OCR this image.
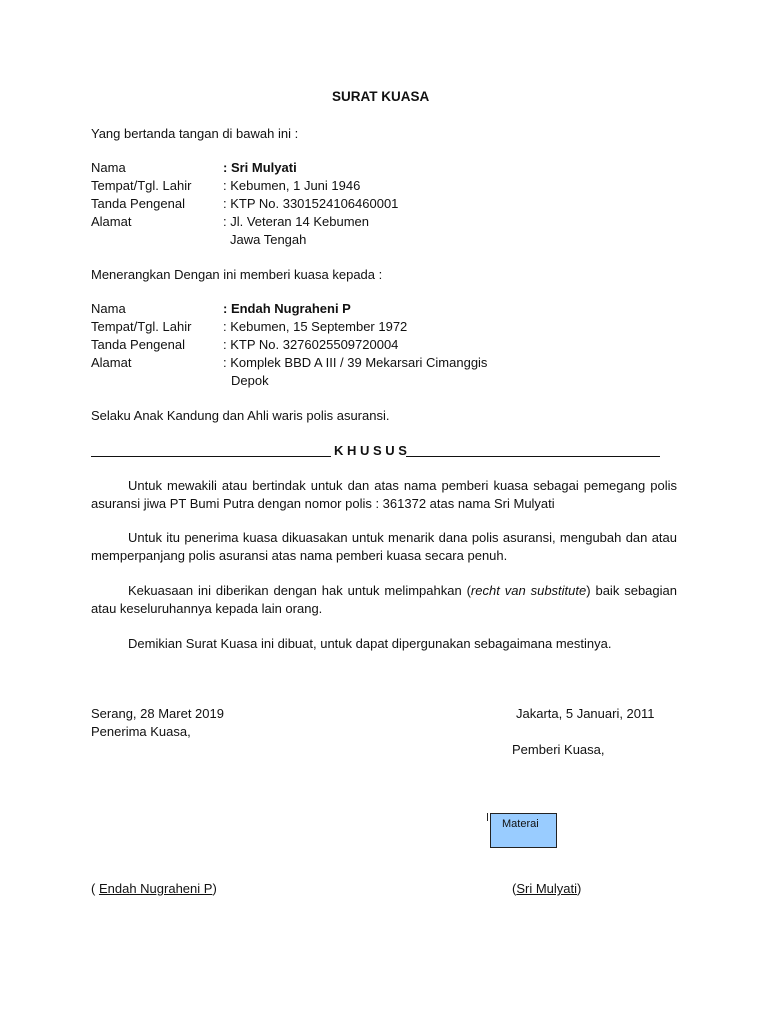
SURAT KUASA
Yang bertanda tangan di bawah ini :
Nama	: Sri Mulyati
Tempat/Tgl. Lahir : Kebumen, 1 Juni 1946
Tanda Pengenal	: KTP No. 3301524106460001
Alamat	: Jl. Veteran 14 Kebumen
Jawa Tengah
Menerangkan Dengan ini memberi kuasa kepada :
Nama	: Endah Nugraheni P
Tempat/Tgl. Lahir : Kebumen, 15 September 1972
Tanda Pengenal	: KTP No. 3276025509720004
Alamat	: Komplek BBD A III / 39 Mekarsari Cimanggis
Depok
Selaku Anak Kandung dan Ahli waris polis asuransi.
K H U S U S
Untuk mewakili atau bertindak untuk dan atas nama pemberi kuasa sebagai pemegang polis asuransi jiwa PT Bumi Putra dengan nomor polis : 361372 atas nama Sri Mulyati
Untuk itu penerima kuasa dikuasakan untuk menarik dana polis asuransi, mengubah dan atau memperpanjang polis asuransi atas nama pemberi kuasa secara penuh.
Kekuasaan ini diberikan dengan hak untuk melimpahkan (recht van substitute) baik sebagian atau keseluruhannya kepada lain orang.
Demikian Surat Kuasa ini dibuat, untuk dapat dipergunakan sebagaimana mestinya.
Serang, 28 Maret 2019
Penerima Kuasa,
Jakarta, 5 Januari, 2011
Pemberi Kuasa,
Materai
( Endah Nugraheni P)	(Sri Mulyati)
